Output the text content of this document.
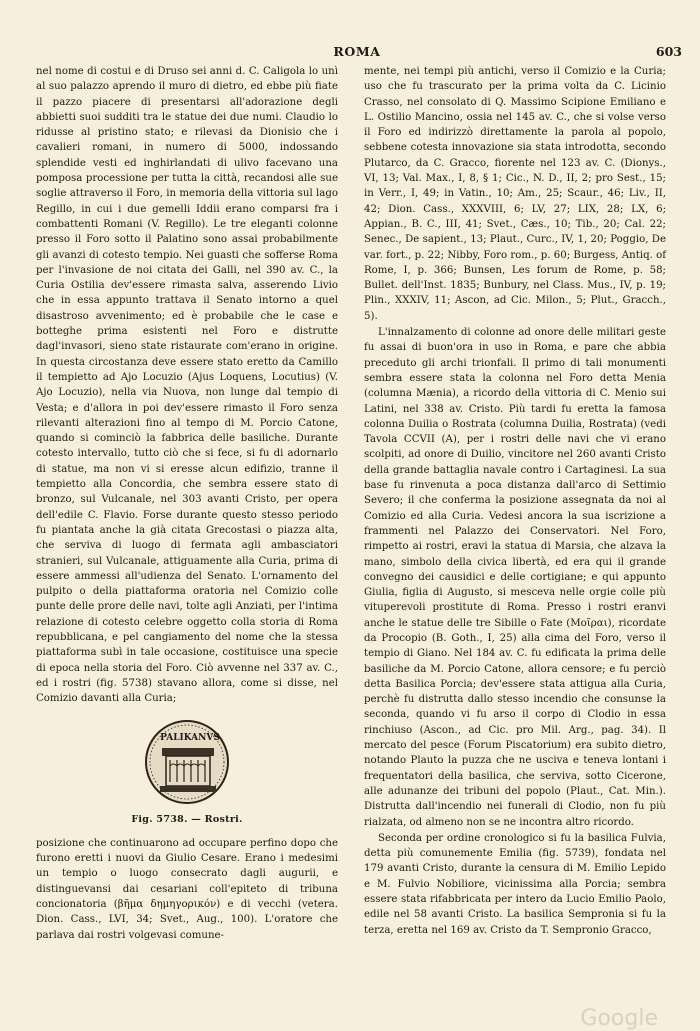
ROMA	603

nel nome di costui e di Druso sei anni d. C. Caligola lo unì al suo palazzo aprendo il muro di dietro, ed ebbe più fiate il pazzo piacere di presentarsi all'adorazione degli abbietti suoi sudditi tra le statue dei due numi. Claudio lo ridusse al pristino stato; e rilevasi da Dionisio che i cavalieri romani, in numero di 5000, indossando splendide vesti ed inghirlandati di ulivo facevano una pomposa processione per tutta la città, recandosi alle sue soglie attraverso il Foro, in memoria della vittoria sul lago Regillo, in cui i due gemelli Iddii erano comparsi fra i combattenti Romani (V. Regillo). Le tre eleganti colonne presso il Foro sotto il Palatino sono assai probabilmente gli avanzi di cotesto tempio. Nei guasti che sofferse Roma per l'invasione de noi citata dei Galli, nel 390 av. C., la Curia Ostilia dev'essere rimasta salva, asserendo Livio che in essa appunto trattava il Senato intorno a quel disastroso avvenimento; ed è probabile che le case e botteghe prima esistenti nel Foro e distrutte dagl'invasori, sieno state ristaurate com'erano in origine. In questa circostanza deve essere stato eretto da Camillo il tempietto ad Ajo Locuzio (Ajus Loquens, Locutius) (V. Ajo Locuzio), nella via Nuova, non lunge dal tempio di Vesta; e d'allora in poi dev'essere rimasto il Foro senza rilevanti alterazioni fino al tempo di M. Porcio Catone, quando si cominciò la fabbrica delle basiliche. Durante cotesto intervallo, tutto ciò che si fece, si fu di adornarlo di statue, ma non vi si eresse alcun edifizio, tranne il tempietto alla Concordia, che sembra essere stato di bronzo, sul Vulcanale, nel 303 avanti Cristo, per opera dell'edile C. Flavio. Forse durante questo stesso periodo fu piantata anche la già citata Grecostasi o piazza alta, che serviva di luogo di fermata agli ambasciatori stranieri, sul Vulcanale, attiguamente alla Curia, prima di essere ammessi all'udienza del Senato. L'ornamento del pulpito o della piattaforma oratoria nel Comizio colle punte delle prore delle navi, tolte agli Anziati, per l'intima relazione di cotesto celebre oggetto colla storia di Roma repubblicana, e pel cangiamento del nome che la stessa piattaforma subì in tale occasione, costituisce una specie di epoca nella storia del Foro. Ciò avvenne nel 337 av. C., ed i rostri (fig. 5738) stavano allora, come si disse, nel Comizio davanti alla Curia;

PALIKANVS
Fig. 5738. — Rostri.

posizione che continuarono ad occupare perfino dopo che furono eretti i nuovi da Giulio Cesare. Erano i medesimi un tempio o luogo consecrato dagli augurii, e distinguevansi dai cesariani coll'epiteto di tribuna concionatoria (βῆμα δημηγορικόν) e di vecchi (vetera. Dion. Cass., LVI, 34; Svet., Aug., 100). L'oratore che parlava dai rostri volgevasi comune-

mente, nei tempi più antichi, verso il Comizio e la Curia; uso che fu trascurato per la prima volta da C. Licinio Crasso, nel consolato di Q. Massimo Scipione Emiliano e L. Ostilio Mancino, ossia nel 145 av. C., che si volse verso il Foro ed indirizzò direttamente la parola al popolo, sebbene cotesta innovazione sia stata introdotta, secondo Plutarco, da C. Gracco, fiorente nel 123 av. C. (Dionys., VI, 13; Val. Max., I, 8, § 1; Cic., N. D., II, 2; pro Sest., 15; in Verr., I, 49; in Vatin., 10; Am., 25; Scaur., 46; Liv., II, 42; Dion. Cass., XXXVIII, 6; LV, 27; LIX, 28; LX, 6; Appian., B. C., III, 41; Svet., Cæs., 10; Tib., 20; Cal. 22; Senec., De sapient., 13; Plaut., Curc., IV, 1, 20; Poggio, De var. fort., p. 22; Nibby, Foro rom., p. 60; Burgess, Antiq. of Rome, I, p. 366; Bunsen, Les forum de Rome, p. 58; Bullet. dell'Inst. 1835; Bunbury, nel Class. Mus., IV, p. 19; Plin., XXXIV, 11; Ascon, ad Cic. Milon., 5; Plut., Gracch., 5).

L'innalzamento di colonne ad onore delle militari geste fu assai di buon'ora in uso in Roma, e pare che abbia preceduto gli archi trionfali. Il primo di tali monumenti sembra essere stata la colonna nel Foro detta Menia (columna Mænia), a ricordo della vittoria di C. Menio sui Latini, nel 338 av. Cristo. Più tardi fu eretta la famosa colonna Duilia o Rostrata (columna Duilia, Rostrata) (vedi Tavola CCVII (A), per i rostri delle navi che vi erano scolpiti, ad onore di Duilio, vincitore nel 260 avanti Cristo della grande battaglia navale contro i Cartaginesi. La sua base fu rinvenuta a poca distanza dall'arco di Settimio Severo; il che conferma la posizione assegnata da noi al Comizio ed alla Curia. Vedesi ancora la sua iscrizione a frammenti nel Palazzo dei Conservatori. Nel Foro, rimpetto ai rostri, eravi la statua di Marsia, che alzava la mano, simbolo della civica libertà, ed era qui il grande convegno dei causidici e delle cortigiane; e qui appunto Giulia, figlia di Augusto, si mesceva nelle orgie colle più vituperevoli prostitute di Roma. Presso i rostri eranvi anche le statue delle tre Sibille o Fate (Μοῖραι), ricordate da Procopio (B. Goth., I, 25) alla cima del Foro, verso il tempio di Giano. Nel 184 av. C. fu edificata la prima delle basiliche da M. Porcio Catone, allora censore; e fu perciò detta Basilica Porcia; dev'essere stata attigua alla Curia, perchè fu distrutta dallo stesso incendio che consunse la seconda, quando vi fu arso il corpo di Clodio in essa rinchiuso (Ascon., ad Cic. pro Mil. Arg., pag. 34). Il mercato del pesce (Forum Piscatorium) era subito dietro, notando Plauto la puzza che ne usciva e teneva lontani i frequentatori della basilica, che serviva, sotto Cicerone, alle adunanze dei tribuni del popolo (Plaut., Cat. Min.). Distrutta dall'incendio nei funerali di Clodio, non fu più rialzata, od almeno non se ne incontra altro ricordo.

Seconda per ordine cronologico si fu la basilica Fulvia, detta più comunemente Emilia (fig. 5739), fondata nel 179 avanti Cristo, durante la censura di M. Emilio Lepido e M. Fulvio Nobiliore, vicinissima alla Porcia; sembra essere stata rifabbricata per intero da Lucio Emilio Paolo, edile nel 58 avanti Cristo. La basilica Sempronia si fu la terza, eretta nel 169 av. Cristo da T. Sempronio Gracco,

Google
